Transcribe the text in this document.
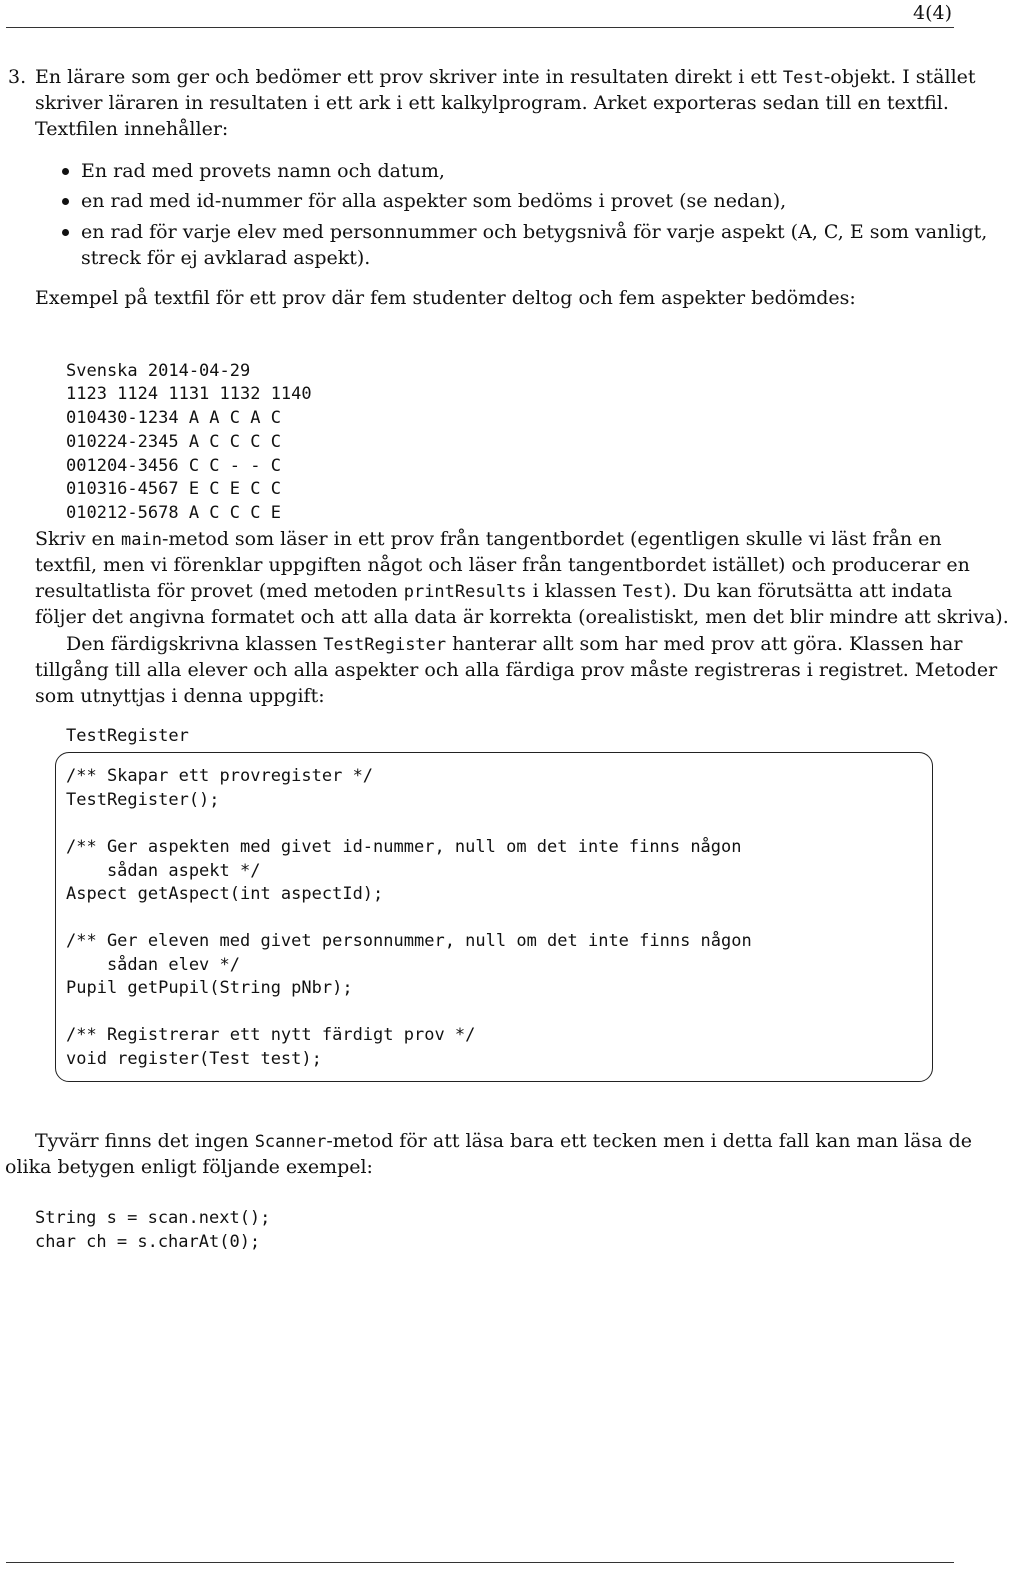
4(4)
3. En lärare som ger och bedömer ett prov skriver inte in resultaten direkt i ett Test-objekt. I stället
skriver läraren in resultaten i ett ark i ett kalkylprogram. Arket exporteras sedan till en textfil.
Textfilen innehåller:
En rad med provets namn och datum,
en rad med id-nummer för alla aspekter som bedöms i provet (se nedan),
en rad för varje elev med personnummer och betygsnivå för varje aspekt (A, C, E som vanligt,
streck för ej avklarad aspekt).
Exempel på textfil för ett prov där fem studenter deltog och fem aspekter bedömdes:

Svenska 2014-04-29
1123 1124 1131 1132 1140
010430-1234 A A C A C
010224-2345 A C C C C
001204-3456 C C - - C
010316-4567 E C E C C
010212-5678 A C C C E
Skriv en main-metod som läser in ett prov från tangentbordet (egentligen skulle vi läst från en
textfil, men vi förenklar uppgiften något och läser från tangentbordet istället) och producerar en
resultatlista för provet (med metoden printResults i klassen Test). Du kan förutsätta att indata
följer det angivna formatet och att alla data är korrekta (orealistiskt, men det blir mindre att skriva).
Den färdigskrivna klassen TestRegister hanterar allt som har med prov att göra. Klassen har
tillgång till alla elever och alla aspekter och alla färdiga prov måste registreras i registret. Metoder
som utnyttjas i denna uppgift:
TestRegister
/** Skapar ett provregister */
TestRegister();
/** Ger aspekten med givet id-nummer, null om det inte finns någon
sådan aspekt */
Aspect getAspect(int aspectId);
/** Ger eleven med givet personnummer, null om det inte finns någon
sådan elev */
Pupil getPupil(String pNbr);
/** Registrerar ett nytt färdigt prov */
void register(Test test);
Tyvärr finns det ingen Scanner-metod för att läsa bara ett tecken men i detta fall kan man läsa de
olika betygen enligt följande exempel:
String s = scan.next();
char ch = s.charAt(0);
